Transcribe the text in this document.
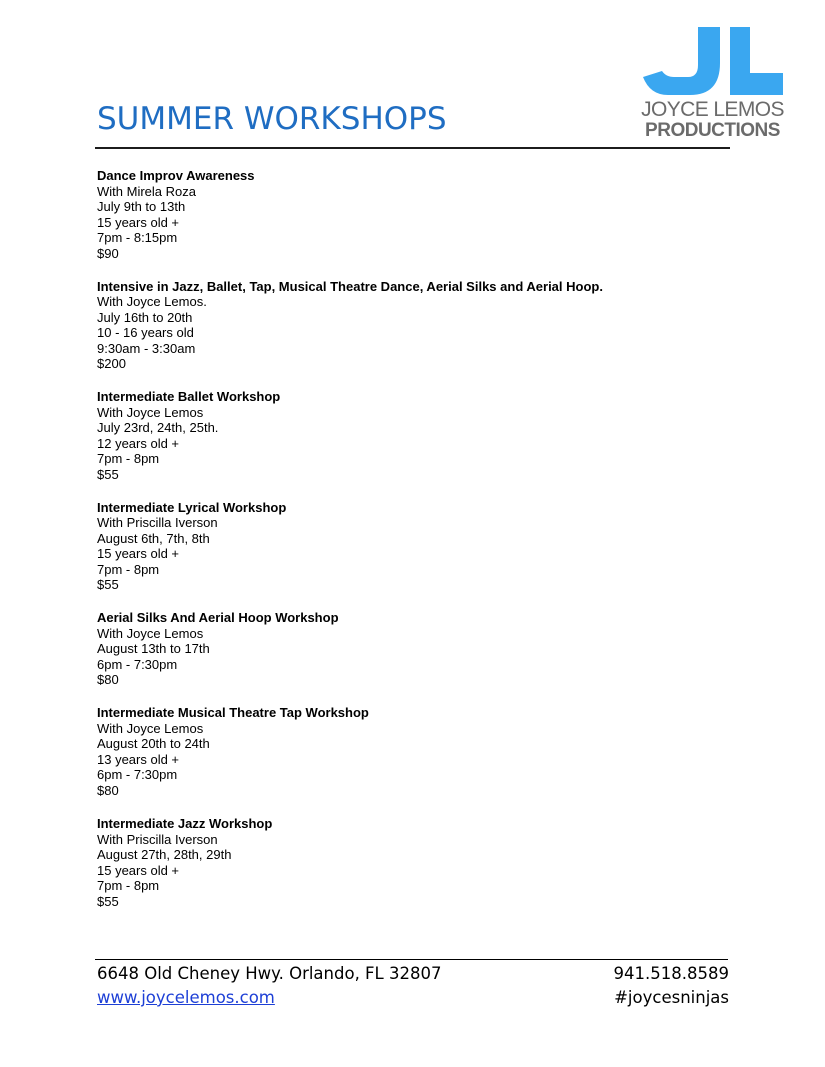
SUMMER WORKSHOPS	JOYCE LEMOS
PRODUCTIONS
Dance Improv Awareness
With Mirela Roza
July 9th to 13th
15 years old +
7pm - 8:15pm
$90
Intensive in Jazz, Ballet, Tap, Musical Theatre Dance, Aerial Silks and Aerial Hoop.
With Joyce Lemos.
July 16th to 20th
10 - 16 years old
9:30am - 3:30am
$200
Intermediate Ballet Workshop
With Joyce Lemos
July 23rd, 24th, 25th.
12 years old +
7pm - 8pm
$55
Intermediate Lyrical Workshop
With Priscilla Iverson
August 6th, 7th, 8th
15 years old +
7pm - 8pm
$55
Aerial Silks And Aerial Hoop Workshop
With Joyce Lemos
August 13th to 17th
6pm - 7:30pm
$80
Intermediate Musical Theatre Tap Workshop
With Joyce Lemos
August 20th to 24th
13 years old +
6pm - 7:30pm
$80
Intermediate Jazz Workshop
With Priscilla Iverson
August 27th, 28th, 29th
15 years old +
7pm - 8pm
$55
6648 Old Cheney Hwy. Orlando, FL 32807	941.518.8589
www.joycelemos.com	#joycesninjas
